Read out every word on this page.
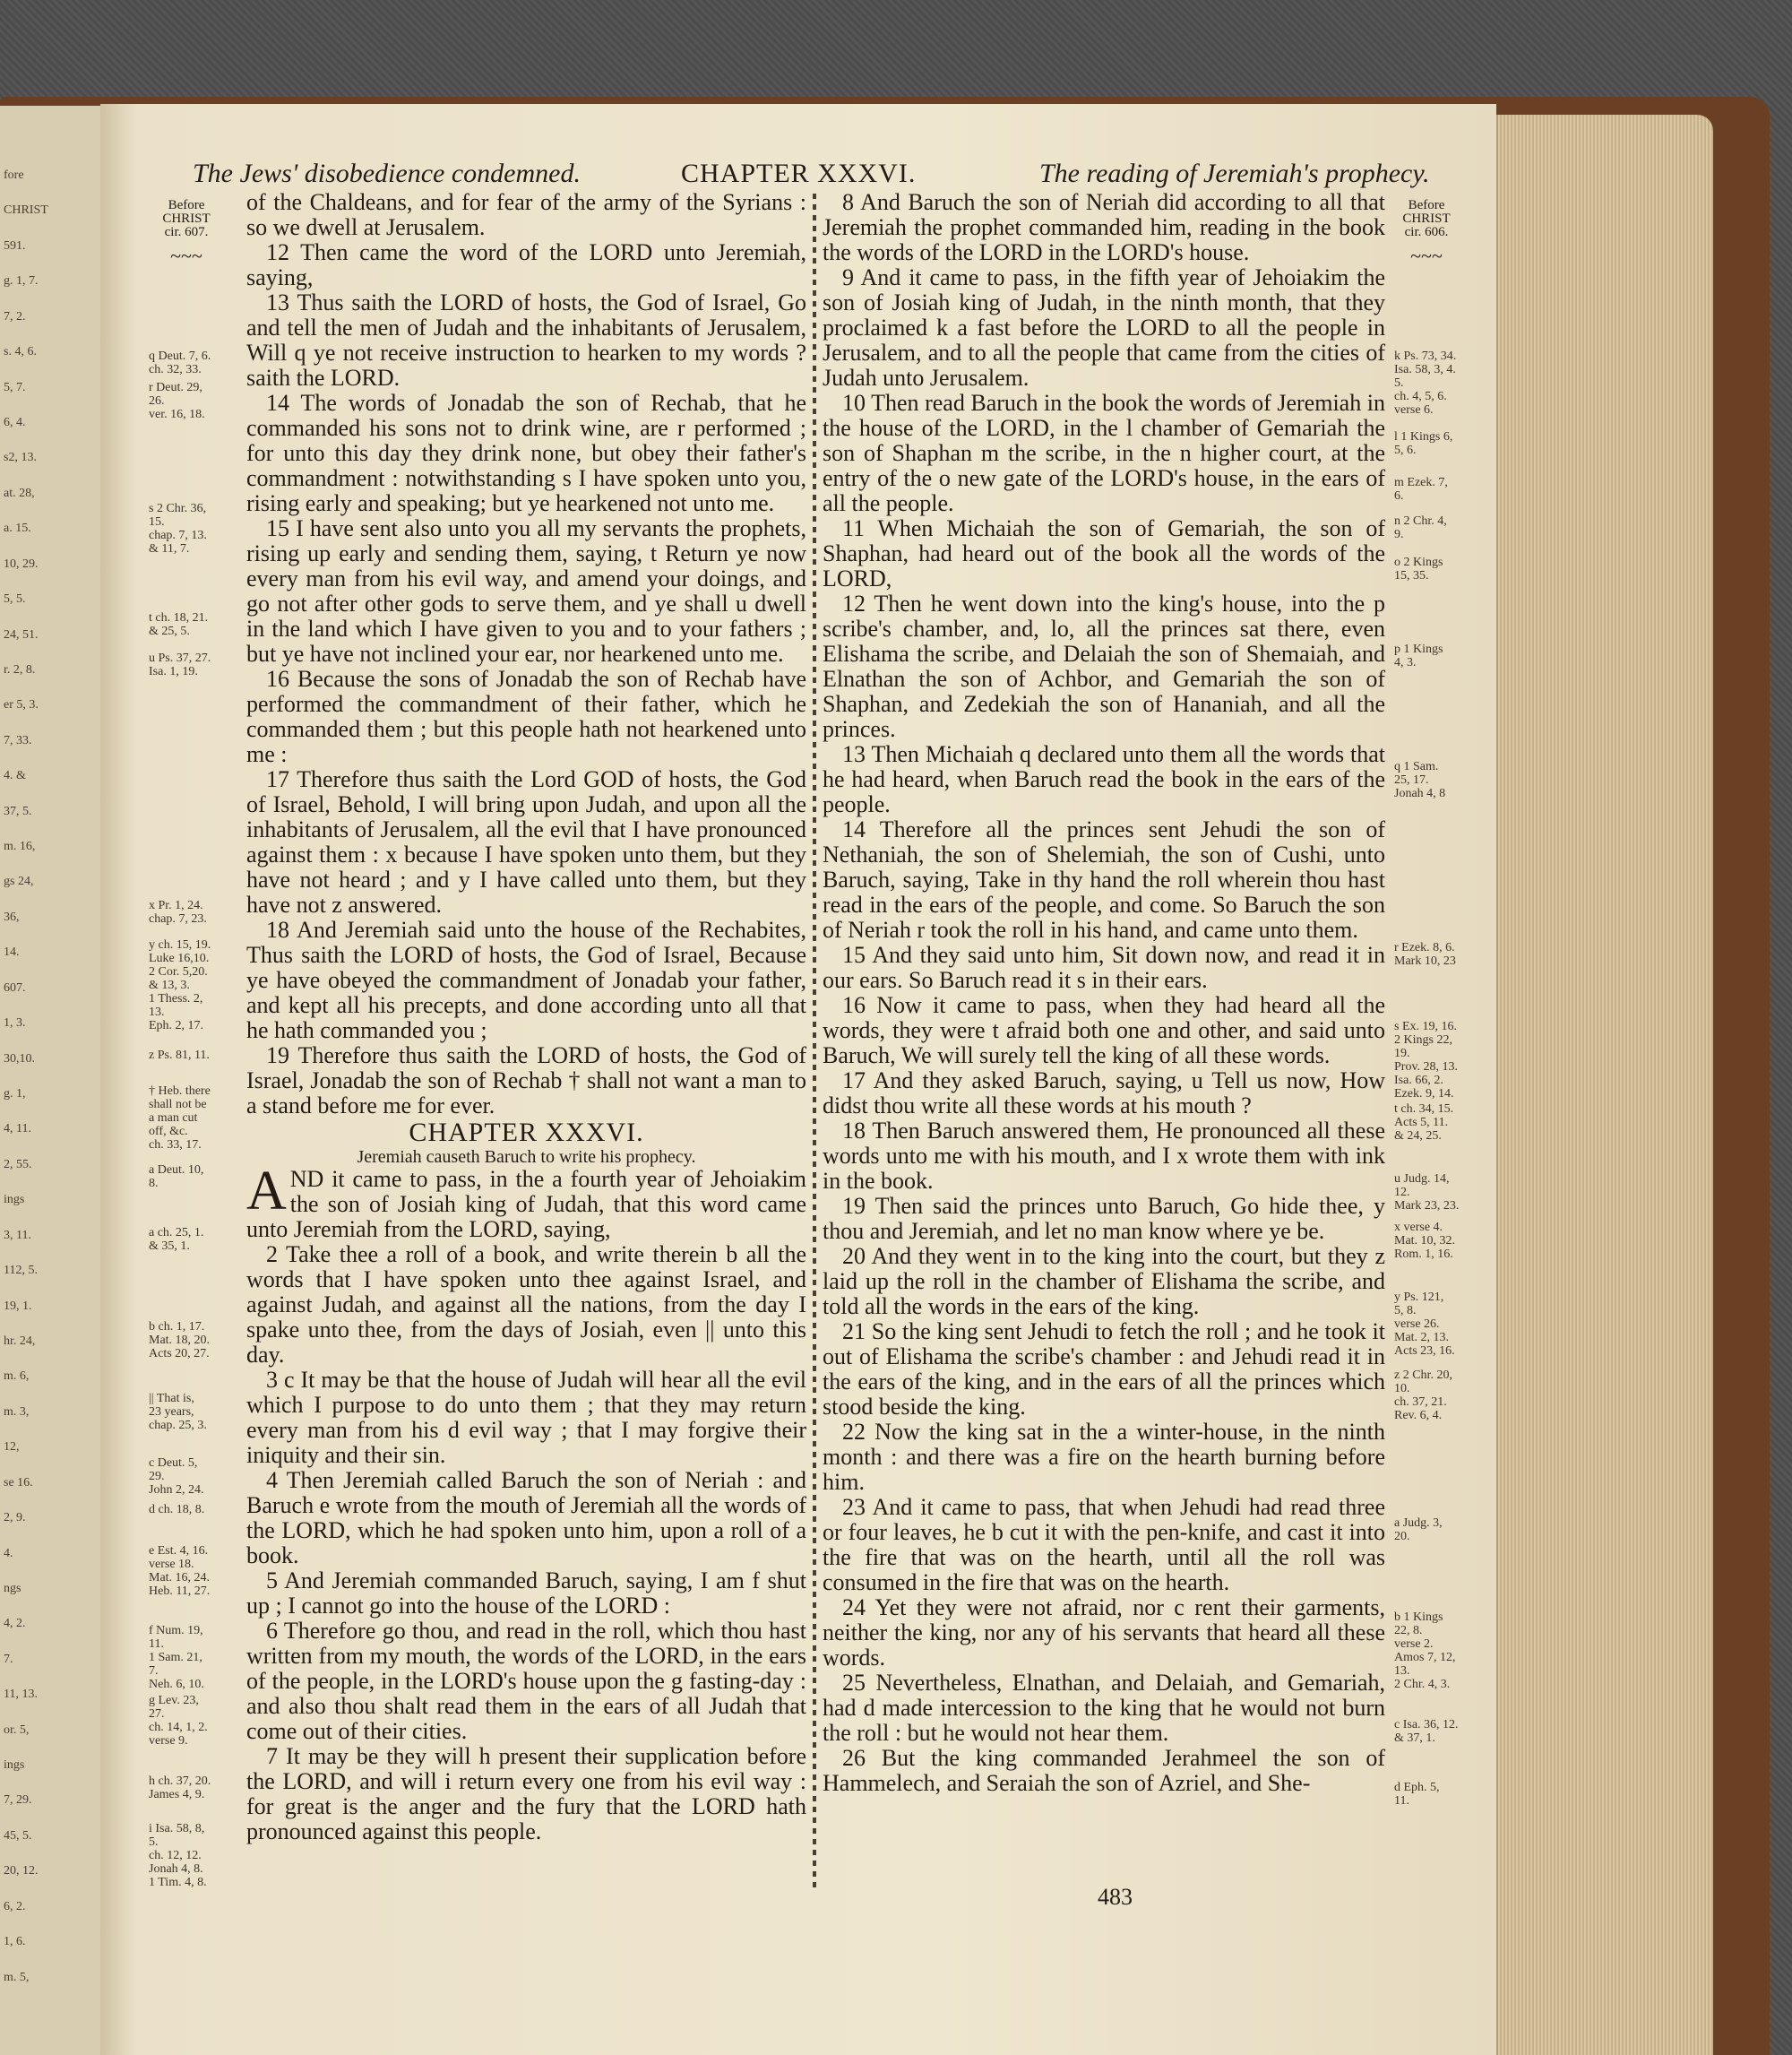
fore
CHRIST
591.
g. 1, 7.
7, 2.
s. 4, 6.
5, 7.
6, 4.
s2, 13.
at. 28,
a. 15.
10, 29.
5, 5.
24, 51.
r. 2, 8.
er 5, 3.
7, 33.
4. &
37, 5.
m. 16,
gs 24,
36,
14.
607.
1, 3.
30,10.
g. 1,
4, 11.
2, 55.
ings
3, 11.
112, 5.
19, 1.
hr. 24,
m. 6,
m. 3,
12,
se 16.
2, 9.
4.
ngs
4, 2.
7.
11, 13.
or. 5,
ings
7, 29.
45, 5.
20, 12.
6, 2.
1, 6.
m. 5,
The Jews' disobedience condemned.	CHAPTER XXXVI.	The reading of Jeremiah's prophecy.
Before
CHRIST
cir. 607.
~~~
Before
CHRIST
cir. 606.
~~~

of the Chaldeans, and for fear of the army of the Syrians : so we dwell at Jerusalem.

12 Then came the word of the LORD unto Jeremiah, saying,

13 Thus saith the LORD of hosts, the God of Israel, Go and tell the men of Judah and the inhabitants of Jerusalem, Will q ye not receive instruction to hearken to my words ? saith the LORD.

14 The words of Jonadab the son of Rechab, that he commanded his sons not to drink wine, are r performed ; for unto this day they drink none, but obey their father's commandment : notwithstanding s I have spoken unto you, rising early and speaking; but ye hearkened not unto me.

15 I have sent also unto you all my servants the prophets, rising up early and sending them, saying, t Return ye now every man from his evil way, and amend your doings, and go not after other gods to serve them, and ye shall u dwell in the land which I have given to you and to your fathers ; but ye have not inclined your ear, nor hearkened unto me.

16 Because the sons of Jonadab the son of Rechab have performed the commandment of their father, which he commanded them ; but this people hath not hearkened unto me :

17 Therefore thus saith the Lord GOD of hosts, the God of Israel, Behold, I will bring upon Judah, and upon all the inhabitants of Jerusalem, all the evil that I have pronounced against them : x because I have spoken unto them, but they have not heard ; and y I have called unto them, but they have not z answered.

18 And Jeremiah said unto the house of the Rechabites, Thus saith the LORD of hosts, the God of Israel, Because ye have obeyed the commandment of Jonadab your father, and kept all his precepts, and done according unto all that he hath commanded you ;

19 Therefore thus saith the LORD of hosts, the God of Israel, Jonadab the son of Rechab † shall not want a man to a stand before me for ever.

CHAPTER XXXVI.

Jeremiah causeth Baruch to write his prophecy.

AND it came to pass, in the a fourth year of Jehoiakim the son of Josiah king of Judah, that this word came unto Jeremiah from the LORD, saying,

2 Take thee a roll of a book, and write therein b all the words that I have spoken unto thee against Israel, and against Judah, and against all the nations, from the day I spake unto thee, from the days of Josiah, even || unto this day.

3 c It may be that the house of Judah will hear all the evil which I purpose to do unto them ; that they may return every man from his d evil way ; that I may forgive their iniquity and their sin.

4 Then Jeremiah called Baruch the son of Neriah : and Baruch e wrote from the mouth of Jeremiah all the words of the LORD, which he had spoken unto him, upon a roll of a book.

5 And Jeremiah commanded Baruch, saying, I am f shut up ; I cannot go into the house of the LORD :

6 Therefore go thou, and read in the roll, which thou hast written from my mouth, the words of the LORD, in the ears of the people, in the LORD's house upon the g fasting-day : and also thou shalt read them in the ears of all Judah that come out of their cities.

7 It may be they will h present their supplication before the LORD, and will i return every one from his evil way : for great is the anger and the fury that the LORD hath pronounced against this people.

8 And Baruch the son of Neriah did according to all that Jeremiah the prophet commanded him, reading in the book the words of the LORD in the LORD's house.

9 And it came to pass, in the fifth year of Jehoiakim the son of Josiah king of Judah, in the ninth month, that they proclaimed k a fast before the LORD to all the people in Jerusalem, and to all the people that came from the cities of Judah unto Jerusalem.

10 Then read Baruch in the book the words of Jeremiah in the house of the LORD, in the l chamber of Gemariah the son of Shaphan m the scribe, in the n higher court, at the entry of the o new gate of the LORD's house, in the ears of all the people.

11 When Michaiah the son of Gemariah, the son of Shaphan, had heard out of the book all the words of the LORD,

12 Then he went down into the king's house, into the p scribe's chamber, and, lo, all the princes sat there, even Elishama the scribe, and Delaiah the son of Shemaiah, and Elnathan the son of Achbor, and Gemariah the son of Shaphan, and Zedekiah the son of Hananiah, and all the princes.

13 Then Michaiah q declared unto them all the words that he had heard, when Baruch read the book in the ears of the people.

14 Therefore all the princes sent Jehudi the son of Nethaniah, the son of Shelemiah, the son of Cushi, unto Baruch, saying, Take in thy hand the roll wherein thou hast read in the ears of the people, and come. So Baruch the son of Neriah r took the roll in his hand, and came unto them.

15 And they said unto him, Sit down now, and read it in our ears. So Baruch read it s in their ears.

16 Now it came to pass, when they had heard all the words, they were t afraid both one and other, and said unto Baruch, We will surely tell the king of all these words.

17 And they asked Baruch, saying, u Tell us now, How didst thou write all these words at his mouth ?

18 Then Baruch answered them, He pronounced all these words unto me with his mouth, and I x wrote them with ink in the book.

19 Then said the princes unto Baruch, Go hide thee, y thou and Jeremiah, and let no man know where ye be.

20 And they went in to the king into the court, but they z laid up the roll in the chamber of Elishama the scribe, and told all the words in the ears of the king.

21 So the king sent Jehudi to fetch the roll ; and he took it out of Elishama the scribe's chamber : and Jehudi read it in the ears of the king, and in the ears of all the princes which stood beside the king.

22 Now the king sat in the a winter-house, in the ninth month : and there was a fire on the hearth burning before him.

23 And it came to pass, that when Jehudi had read three or four leaves, he b cut it with the pen-knife, and cast it into the fire that was on the hearth, until all the roll was consumed in the fire that was on the hearth.

24 Yet they were not afraid, nor c rent their garments, neither the king, nor any of his servants that heard all these words.

25 Nevertheless, Elnathan, and Delaiah, and Gemariah, had d made intercession to the king that he would not burn the roll : but he would not hear them.

26 But the king commanded Jerahmeel the son of Hammelech, and Seraiah the son of Azriel, and She-

q Deut. 7, 6.
ch. 32, 33.
r Deut. 29,
26.
ver. 16, 18.
s 2 Chr. 36,
15.
chap. 7, 13.
& 11, 7.
t ch. 18, 21.
& 25, 5.
u Ps. 37, 27.
Isa. 1, 19.
x Pr. 1, 24.
chap. 7, 23.
y ch. 15, 19.
Luke 16,10.
2 Cor. 5,20.
& 13, 3.
1 Thess. 2,
13.
Eph. 2, 17.
z Ps. 81, 11.
† Heb. there
shall not be
a man cut
off, &c.
ch. 33, 17.
a Deut. 10,
8.
a ch. 25, 1.
& 35, 1.
b ch. 1, 17.
Mat. 18, 20.
Acts 20, 27.
|| That is,
23 years,
chap. 25, 3.
c Deut. 5,
29.
John 2, 24.
d ch. 18, 8.
e Est. 4, 16.
verse 18.
Mat. 16, 24.
Heb. 11, 27.
f Num. 19,
11.
1 Sam. 21,
7.
Neh. 6, 10.
g Lev. 23,
27.
ch. 14, 1, 2.
verse 9.
h ch. 37, 20.
James 4, 9.
i Isa. 58, 8,
5.
ch. 12, 12.
Jonah 4, 8.
1 Tim. 4, 8.
k Ps. 73, 34.
Isa. 58, 3, 4.
5.
ch. 4, 5, 6.
verse 6.
l 1 Kings 6,
5, 6.
m Ezek. 7,
6.
n 2 Chr. 4,
9.
o 2 Kings
15, 35.
p 1 Kings
4, 3.
q 1 Sam.
25, 17.
Jonah 4, 8
r Ezek. 8, 6.
Mark 10, 23
s Ex. 19, 16.
2 Kings 22,
19.
Prov. 28, 13.
Isa. 66, 2.
Ezek. 9, 14.
t ch. 34, 15.
Acts 5, 11.
& 24, 25.
u Judg. 14,
12.
Mark 23, 23.
x verse 4.
Mat. 10, 32.
Rom. 1, 16.
y Ps. 121,
5, 8.
verse 26.
Mat. 2, 13.
Acts 23, 16.
z 2 Chr. 20,
10.
ch. 37, 21.
Rev. 6, 4.
a Judg. 3,
20.
b 1 Kings
22, 8.
verse 2.
Amos 7, 12,
13.
2 Chr. 4, 3.
c Isa. 36, 12.
& 37, 1.
d Eph. 5,
11.
483
